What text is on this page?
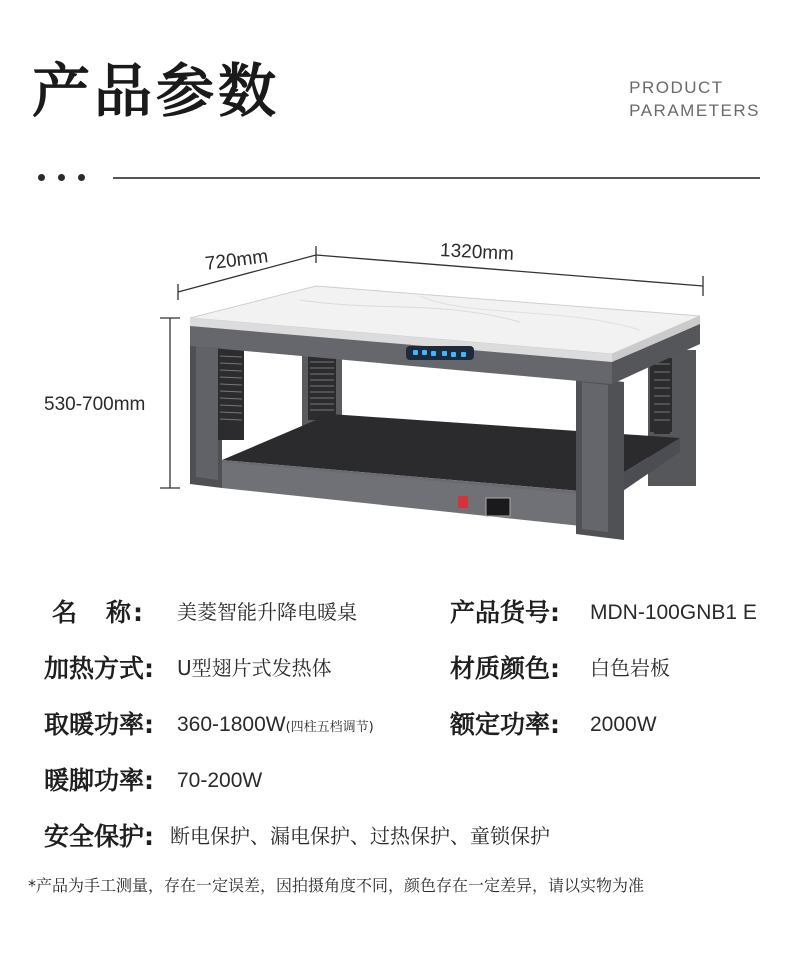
产品参数	PRODUCT
PARAMETERS
720mm	1320mm
530-700mm
名　称: 美菱智能升降电暖桌	产品货号: MDN-100GNB1 E
加热方式: U型翅片式发热体	材质颜色: 白色岩板
取暖功率: 360-1800W(四柱五档调节)	额定功率: 2000W
暖脚功率: 70-200W
安全保护: 断电保护、漏电保护、过热保护、童锁保护
*产品为手工测量，存在一定误差，因拍摄角度不同，颜色存在一定差异，请以实物为准
